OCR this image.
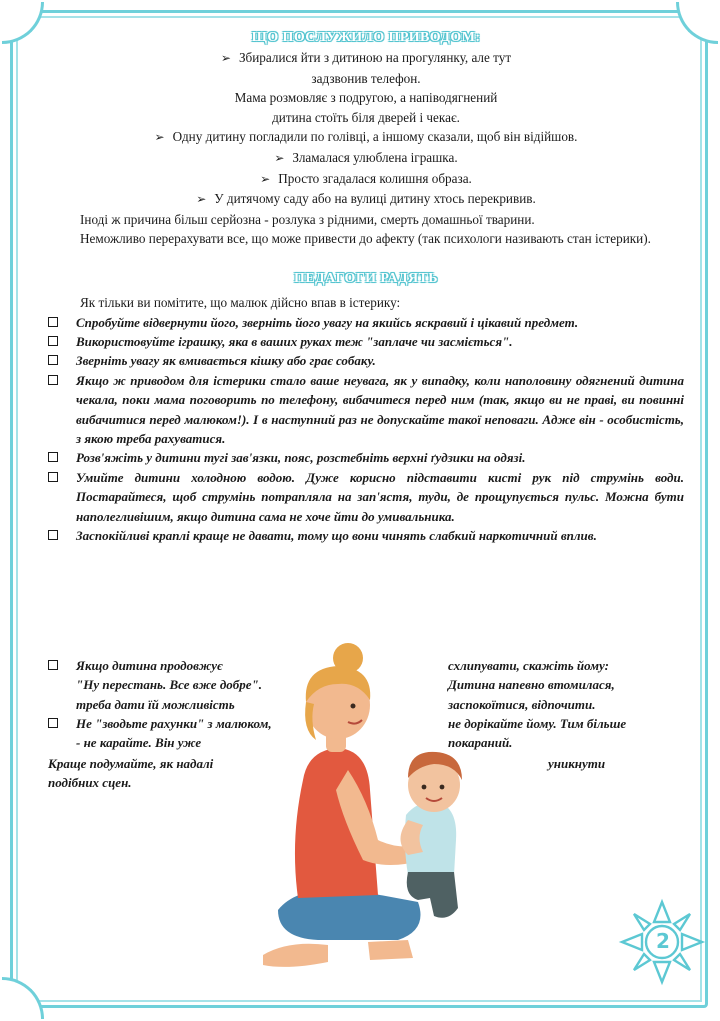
ЩО ПОСЛУЖИЛО ПРИВОДОМ:
➢ Збиралися йти з дитиною на прогулянку, але тут
задзвонив телефон.
Мама розмовляє з подругою, а напіводягнений
дитина стоїть біля дверей і чекає.
➢ Одну дитину погладили по голівці, а іншому сказали, щоб він відійшов.
➢ Зламалася улюблена іграшка.
➢ Просто згадалася колишня образа.
➢ У дитячому саду або на вулиці дитину хтось перекривив.
Іноді ж причина більш серйозна - розлука з рідними, смерть домашньої тварини.
Неможливо перерахувати все, що може привести до афекту (так психологи називають стан істерики).
ПЕДАГОГИ РАДЯТЬ
Як тільки ви помітите, що малюк дійсно впав в істерику:
Спробуйте відвернути його, зверніть його увагу на якийсь яскравий і цікавий предмет.
Використовуйте іграшку, яка в ваших руках теж "заплаче чи засміється".
Зверніть увагу як вмивається кішку або грає собаку.
Якщо ж приводом для істерики стало ваше неувага, як у випадку, коли наполовину одягнений дитина чекала, поки мама поговорить по телефону, вибачитеся перед ним (так, якщо ви не праві, ви повинні вибачитися перед малюком!). І в наступний раз не допускайте такої неповаги. Адже він - особистість, з якою треба рахуватися.
Розв'яжіть у дитини тугі зав'язки, пояс, розстебніть верхні ґудзики на одязі.
Умийте дитини холодною водою. Дуже корисно підставити кисті рук під струмінь води. Постарайтеся, щоб струмінь потрапляла на зап'ястя, туди, де прощупується пульс. Можна бути наполегливішим, якщо дитина сама не хоче йти до умивальника.
Заспокійливі краплі краще не давати, тому що вони чинять слабкий наркотичний вплив.
Якщо дитина продовжує
"Ну перестань. Все вже добре".
треба дати їй можливість
схлипувати, скажіть йому:
Дитина напевно втомилася,
заспокоїтися, відпочити.
Не "зводьте рахунки" з малюком,
- не карайте. Він уже
не дорікайте йому. Тим більше
покараний.
Краще подумайте, як надалі
подібних сцен.
уникнути
2
